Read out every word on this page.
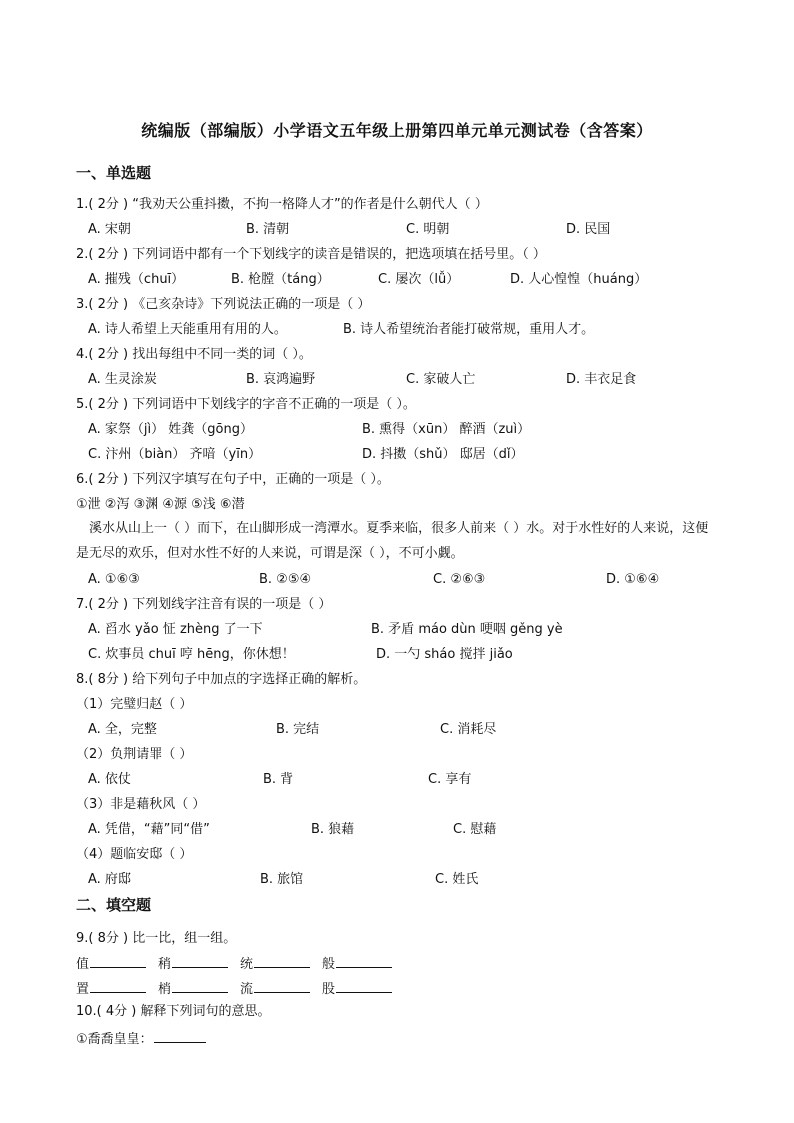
统编版（部编版）小学语文五年级上册第四单元单元测试卷（含答案）
一、单选题
1.( 2分 ) “我劝天公重抖擞，不拘一格降人才”的作者是什么朝代人（ ）
A. 宋朝	B. 清朝	C. 明朝	D. 民国
2.( 2分 ) 下列词语中都有一个下划线字的读音是错误的，把选项填在括号里。（ ）
A. 摧残（chuī）	B. 枪膛（táng）	C. 屡次（lǚ）	D. 人心惶惶（huáng）
3.( 2分 ) 《己亥杂诗》下列说法正确的一项是（ ）
A. 诗人希望上天能重用有用的人。	B. 诗人希望统治者能打破常规，重用人才。
4.( 2分 ) 找出每组中不同一类的词（ ）。
A. 生灵涂炭	B. 哀鸿遍野	C. 家破人亡	D. 丰衣足食
5.( 2分 ) 下列词语中下划线字的字音不正确的一项是（ ）。
A. 家祭（jì） 姓龚（gōng）	B. 熏得（xūn） 醉酒（zuì）
C. 汴州（biàn） 齐喑（yīn）	D. 抖擞（shǔ） 邸居（dǐ）
6.( 2分 ) 下列汉字填写在句子中，正确的一项是（ ）。
①泄 ②泻 ③渊 ④源 ⑤浅 ⑥潜
溪水从山上一（ ）而下，在山脚形成一湾潭水。夏季来临，很多人前来（ ）水。对于水性好的人来说，这便是无尽的欢乐，但对水性不好的人来说，可谓是深（ ），不可小觑。
A. ①⑥③	B. ②⑤④	C. ②⑥③	D. ①⑥④
7.( 2分 ) 下列划线字注音有误的一项是（ ）
A. 舀水 yǎo 怔 zhèng 了一下	B. 矛盾 máo dùn 哽咽 gěng yè
C. 炊事员 chuī 哼 hēng，你休想！	D. 一勺 sháo 搅拌 jiǎo
8.( 8分 ) 给下列句子中加点的字选择正确的解析。
（1）完璧归赵（ ）
A. 全，完整	B. 完结	C. 消耗尽
（2）负荆请罪（ ）
A. 依仗	B. 背	C. 享有
（3）非是藉秋风（ ）
A. 凭借，“藉”同“借”	B. 狼藉	C. 慰藉
（4）题临安邸（ ）
A. 府邸	B. 旅馆	C. 姓氏
二、填空题
9.( 8分 ) 比一比，组一组。
值	稍	统	般
置	梢	流	股
10.( 4分 ) 解释下列词句的意思。
①喬喬皇皇：
